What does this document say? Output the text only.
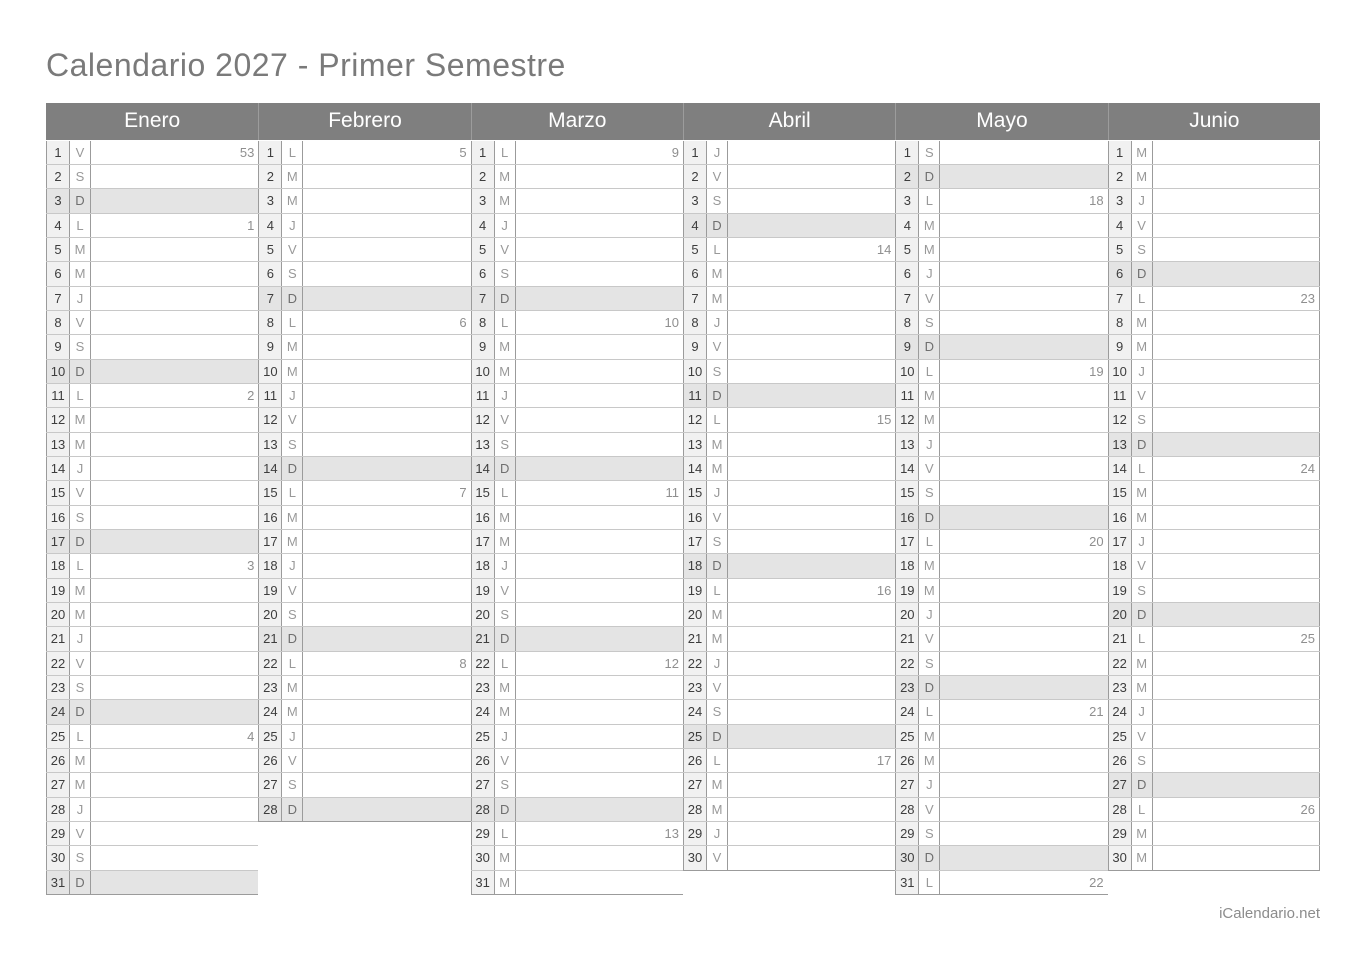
Calendario 2027 - Primer Semestre
Enero
1	V	53
2	S
3	D
4	L	1
5 M
6 M
7	J
8	V
9	S
10 D
11 L	2
12 M
13 M
14 J
15 V
16 S
17 D
18 L	3
19 M
20 M
21 J
22 V
23 S
24 D
25 L	4
26 M
27 M
28 J
29 V
30 S
31 D
Febrero
1	L	5
2 M
3 M
4	J
5	V
6	S
7	D
8	L	6
9 M
10 M
11 J
12 V
13 S
14 D
15 L	7
16 M
17 M
18 J
19 V
20 S
21 D
22 L	8
23 M
24 M
25 J
26 V
27 S
28 D
Marzo
1	L	9
2 M
3 M
4	J
5	V
6	S
7	D
8	L	10
9 M
10 M
11 J
12 V
13 S
14 D
15 L	11
16 M
17 M
18 J
19 V
20 S
21 D
22 L	12
23 M
24 M
25 J
26 V
27 S
28 D
29 L	13
30 M
31 M
Abril
1	J
2	V
3	S
4	D
5	L	14
6 M
7 M
8	J
9	V
10 S
11 D
12 L	15
13 M
14 M
15 J
16 V
17 S
18 D
19 L	16
20 M
21 M
22 J
23 V
24 S
25 D
26 L	17
27 M
28 M
29 J
30 V
Mayo
1	S
2	D
3	L	18
4 M
5 M
6	J
7	V
8	S
9	D
10 L	19
11 M
12 M
13 J
14 V
15 S
16 D
17 L	20
18 M
19 M
20 J
21 V
22 S
23 D
24 L	21
25 M
26 M
27 J
28 V
29 S
30 D
31 L	22
Junio
1 M
2 M
3	J
4	V
5	S
6	D
7	L	23
8 M
9 M
10 J
11 V
12 S
13 D
14 L	24
15 M
16 M
17 J
18 V
19 S
20 D
21 L	25
22 M
23 M
24 J
25 V
26 S
27 D
28 L	26
29 M
30 M
iCalendario.net
